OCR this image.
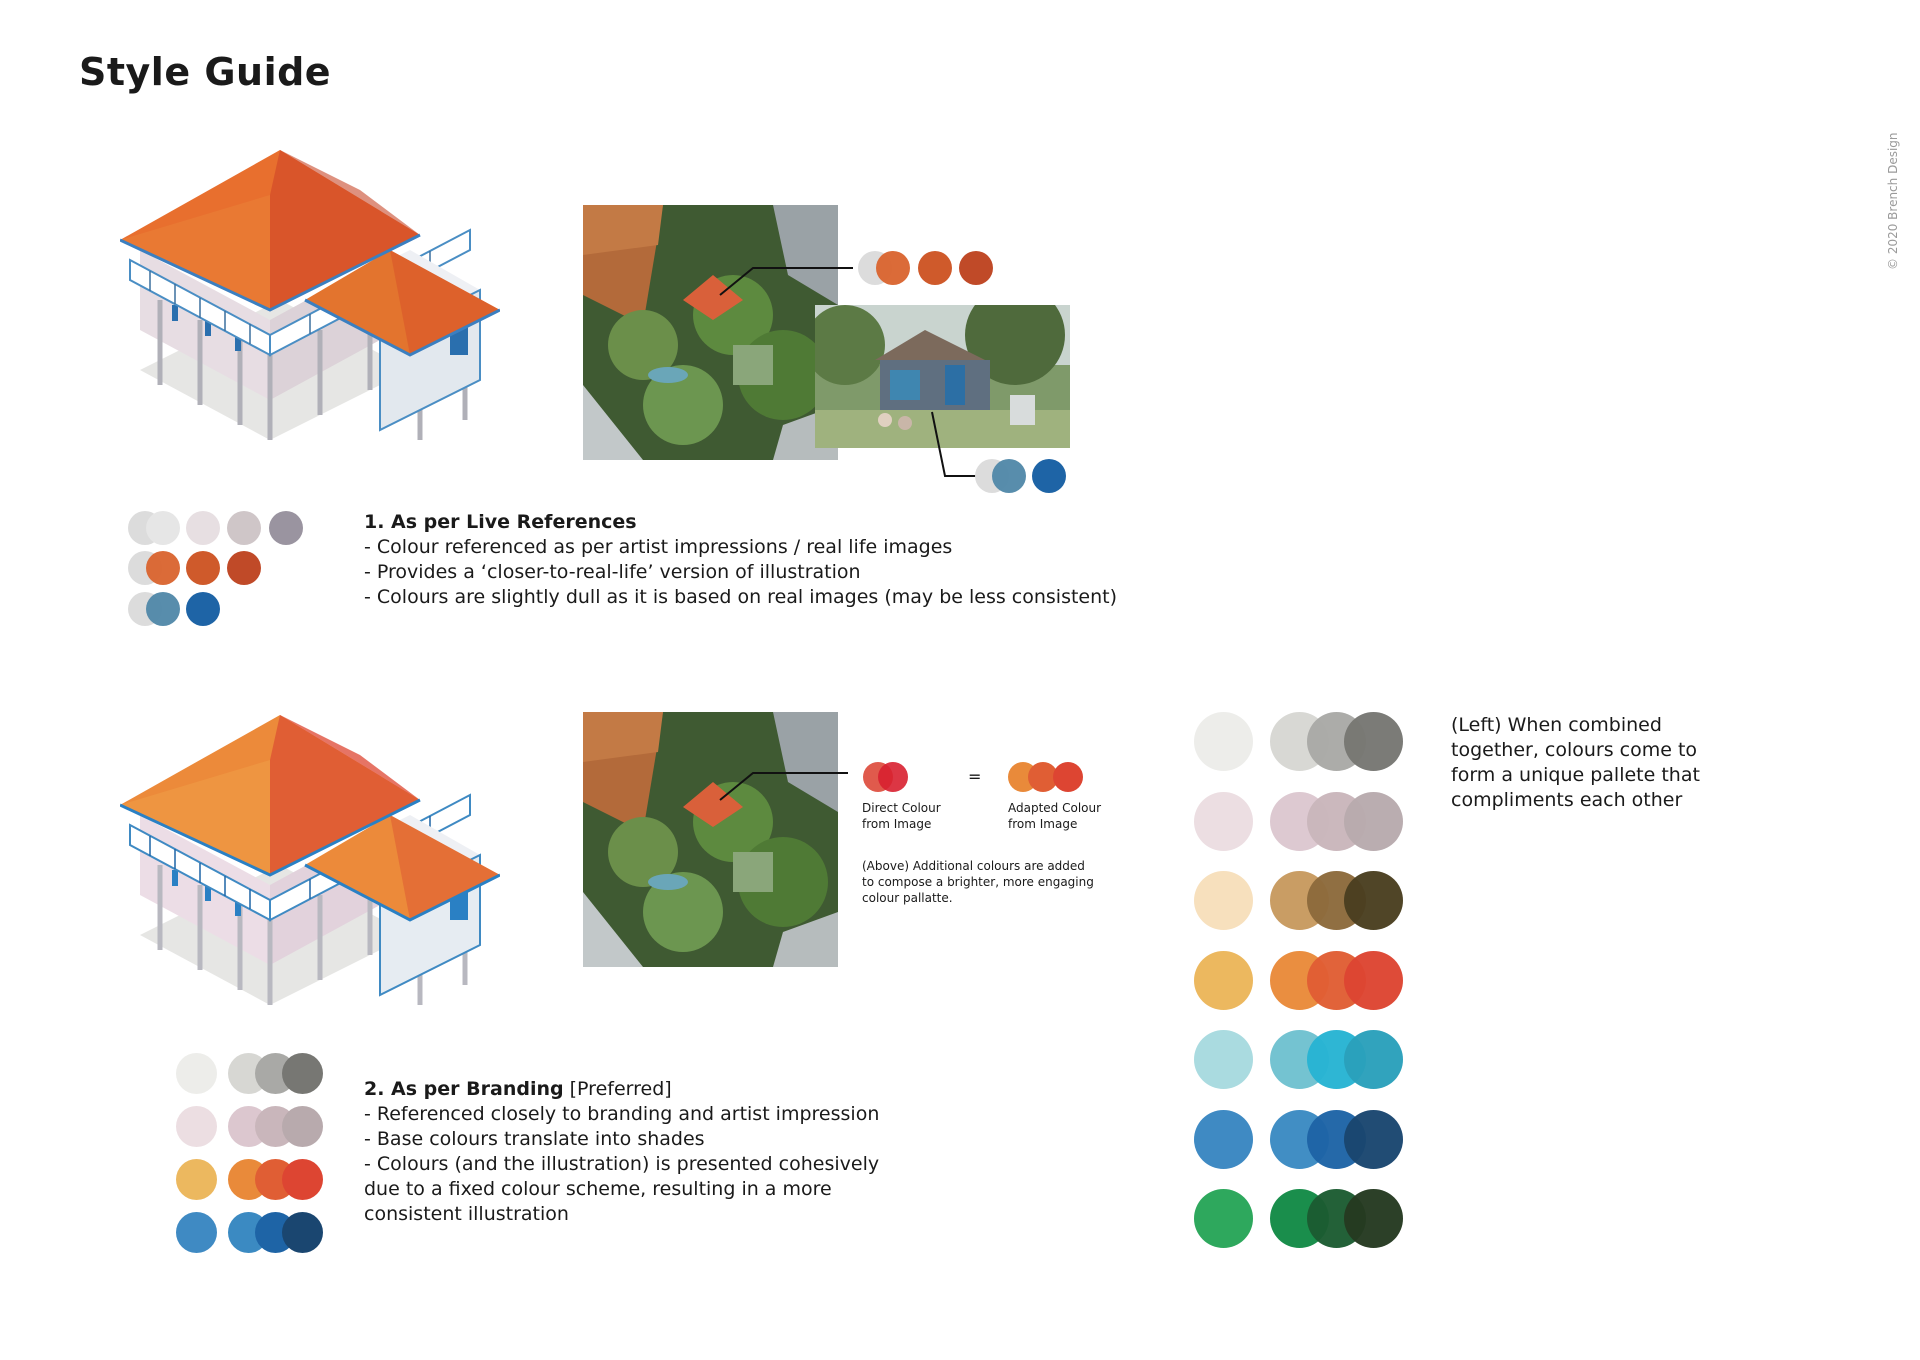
Style Guide
© 2020 Brench Design
1. As per Live References
- Colour referenced as per artist impressions / real life images
- Provides a ‘closer-to-real-life’ version of illustration
- Colours are slightly dull as it is based on real images (may be less consistent)
Direct Colour
from Image
=
Adapted Colour
from Image
(Above) Additional colours are added
to compose a brighter, more engaging
colour pallatte.
2. As per Branding [Preferred]
- Referenced closely to branding and artist impression
- Base colours translate into shades
- Colours (and the illustration) is presented cohesively
due to a fixed colour scheme, resulting in a more
consistent illustration
(Left) When combined
together, colours come to
form a unique pallete that
compliments each other
